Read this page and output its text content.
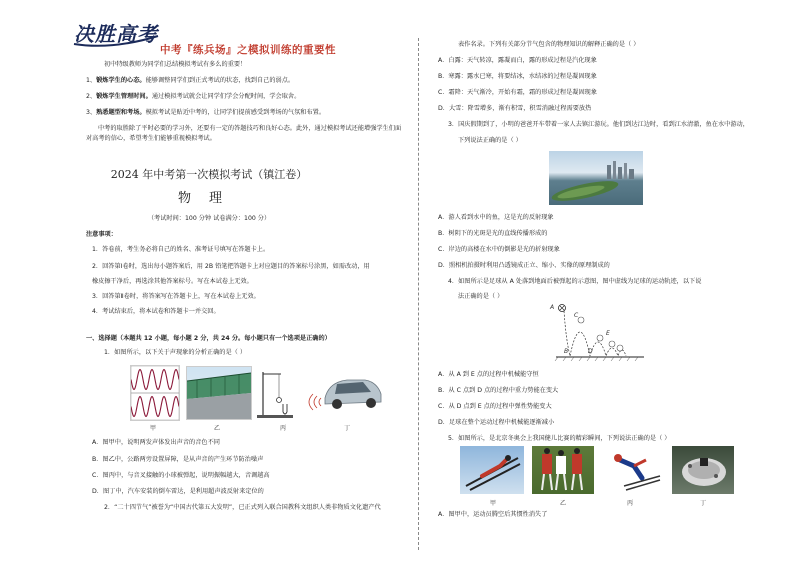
决胜高考
中考『练兵场』之模拟训练的重要性
初中特级教师为同学们总结模拟考试有多么的重要！
1、锻炼学生的心态。能够调整同学们到正式考试的状态，找到自己的弱点。
2、锻炼学生管理时间。通过模拟考试就会让同学们学会分配时间，学会取舍。
3、熟悉题型和考场。模拟考试是贴近中考的，让同学们提前感受到考场的气氛和布置。
中考的取胜除了平时必要的学习外，还要有一定的答题技巧和良好心态。此外，通过模拟考试还能增强学生们面对高考的信心，希望考生们能够重视模拟考试。
2024 年中考第一次模拟考试（镇江卷）
物理
（考试时间：100 分钟 试卷满分：100 分）
注意事项：
1．答卷前，考生务必将自己的姓名、准考证号填写在答题卡上。
2．回答第Ⅰ卷时，选出每小题答案后，用 2B 铅笔把答题卡上对应题目的答案标号涂黑，如需改动，用
橡皮擦干净后，再选涂其他答案标号。写在本试卷上无效。
3．回答第Ⅱ卷时，将答案写在答题卡上，写在本试卷上无效。
4．考试结束后，将本试卷和答题卡一并交回。
一、选择题（本题共 12 小题，每小题 2 分，共 24 分。每小题只有一个选项是正确的）
1．如图所示，以下关于声现象的分析正确的是（ ）
甲	乙	丙	丁
A．图甲中，说明两发声体发出声音的音色不同
B．图乙中，公路两旁设置屏障，是从声音的产生环节防治噪声
C．图丙中，与音叉接触的小球被弹起，说明振幅越大，音调越高
D．图丁中，汽车安装的倒车雷达，是利用超声波反射来定位的
2．“二十四节气”被誉为“中国古代第五大发明”，已正式列入联合国教科文组织人类非物质文化遗产代
表作名录。下列有关部分节气包含的物理知识的解释正确的是（ ）
A．白露：天气转凉，露凝而白，露的形成过程是汽化现象
B．寒露：露水已寒，将要结冰，水结冰的过程是凝固现象
C．霜降：天气渐冷，开始有霜，霜的形成过程是凝固现象
D．大雪：降雪增多，渐有积雪，积雪消融过程需要放热
3．国庆假期到了，小明的爸爸开车带着一家人去镇江游玩。他们到达江边时，看到江水清澈，鱼在水中游动，
下列说法正确的是（ ）
A．游人看到水中的鱼，这是光的反射现象
B．树阴下的光斑是光的直线传播形成的
C．岸边的高楼在水中的倒影是光的折射现象
D．照相机拍摄时利用凸透镜成正立、缩小、实像的原理制成的
4．如图所示是足球从 A 处落到地面后被弹起的示意图，图中虚线为足球的运动轨迹，以下说
法正确的是（ ）
A
B
C
D
E
A．从 A 到 E 点的过程中机械能守恒
B．从 C 点到 D 点的过程中重力势能在变大
C．从 D 点到 E 点的过程中弹性势能变大
D．足球在整个运动过程中机械能逐渐减小
5．如图所示，是北京冬奥会上我国健儿比赛的精彩瞬间，下列说法正确的是（ ）
甲	乙	丙	丁
A．图甲中，运动员腾空后其惯性消失了
